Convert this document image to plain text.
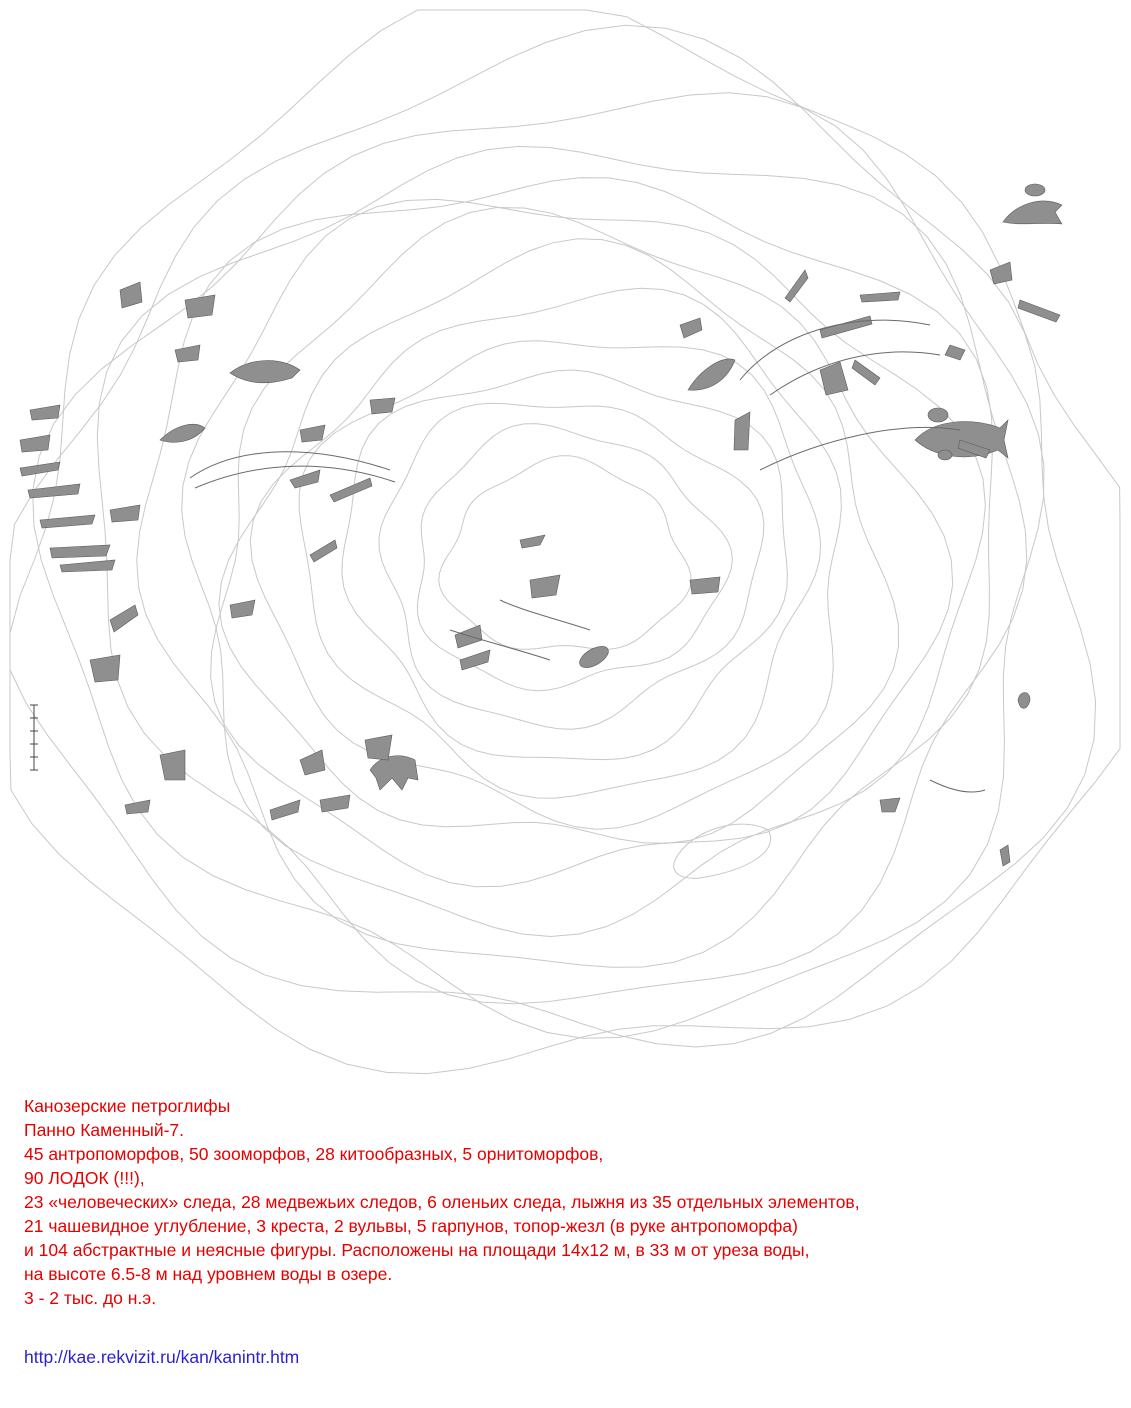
Канозерские петроглифы
Панно Каменный-7.
45 антропоморфов, 50 зооморфов, 28 китообразных, 5 орнитоморфов,
90 ЛОДОК (!!!),
23 «человеческих» следа, 28 медвежьих следов, 6 оленьих следа, лыжня из 35 отдельных элементов,
21 чашевидное углубление, 3 креста, 2 вульвы, 5 гарпунов, топор-жезл (в руке антропоморфа)
и 104 абстрактные и неясные фигуры. Расположены на площади 14х12 м, в 33 м от уреза воды,
на высоте 6.5-8 м над уровнем воды в озере.
3 - 2 тыс. до н.э.
http://kae.rekvizit.ru/kan/kanintr.htm
